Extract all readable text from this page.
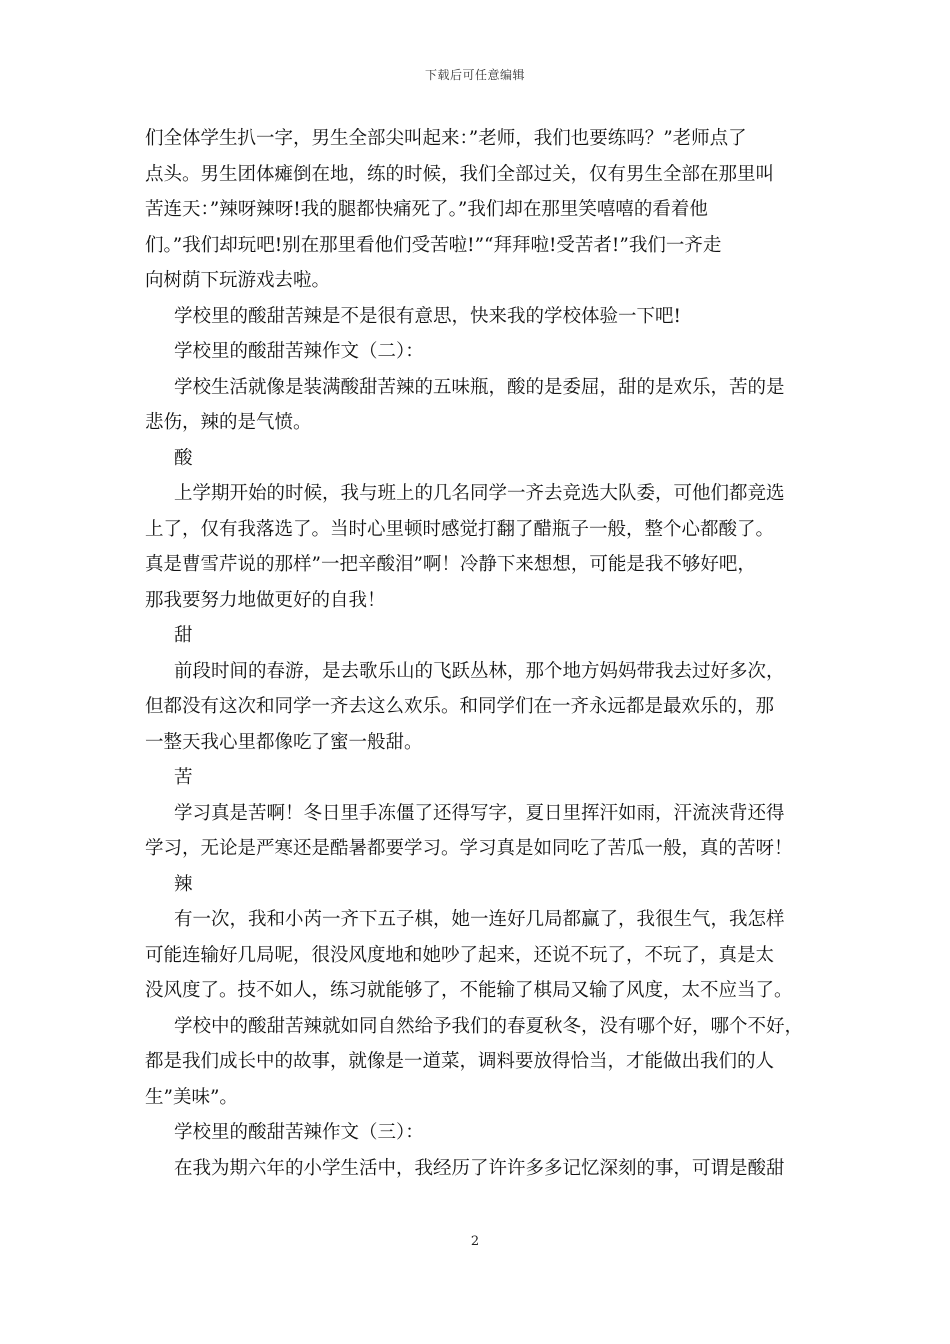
下载后可任意编辑
们全体学生扒一字，男生全部尖叫起来：”老师，我们也要练吗？”老师点了
点头。男生团体瘫倒在地，练的时候，我们全部过关，仅有男生全部在那里叫
苦连天：”辣呀辣呀!我的腿都快痛死了。”我们却在那里笑嘻嘻的看着他
们。”我们却玩吧!别在那里看他们受苦啦!”“拜拜啦!受苦者!”我们一齐走
向树荫下玩游戏去啦。
学校里的酸甜苦辣是不是很有意思，快来我的学校体验一下吧!
学校里的酸甜苦辣作文（二）：
学校生活就像是装满酸甜苦辣的五味瓶，酸的是委屈，甜的是欢乐，苦的是
悲伤，辣的是气愤。
酸
上学期开始的时候，我与班上的几名同学一齐去竞选大队委，可他们都竞选
上了，仅有我落选了。当时心里顿时感觉打翻了醋瓶子一般，整个心都酸了。
真是曹雪芹说的那样”一把辛酸泪”啊！冷静下来想想，可能是我不够好吧，
那我要努力地做更好的自我！
甜
前段时间的春游，是去歌乐山的飞跃丛林，那个地方妈妈带我去过好多次，
但都没有这次和同学一齐去这么欢乐。和同学们在一齐永远都是最欢乐的，那
一整天我心里都像吃了蜜一般甜。
苦
学习真是苦啊！冬日里手冻僵了还得写字，夏日里挥汗如雨，汗流浃背还得
学习，无论是严寒还是酷暑都要学习。学习真是如同吃了苦瓜一般，真的苦呀！
辣
有一次，我和小芮一齐下五子棋，她一连好几局都赢了，我很生气，我怎样
可能连输好几局呢，很没风度地和她吵了起来，还说不玩了，不玩了，真是太
没风度了。技不如人，练习就能够了，不能输了棋局又输了风度，太不应当了。
学校中的酸甜苦辣就如同自然给予我们的春夏秋冬，没有哪个好，哪个不好，
都是我们成长中的故事，就像是一道菜，调料要放得恰当，才能做出我们的人
生”美味”。
学校里的酸甜苦辣作文（三）：
在我为期六年的小学生活中，我经历了许许多多记忆深刻的事，可谓是酸甜
2
